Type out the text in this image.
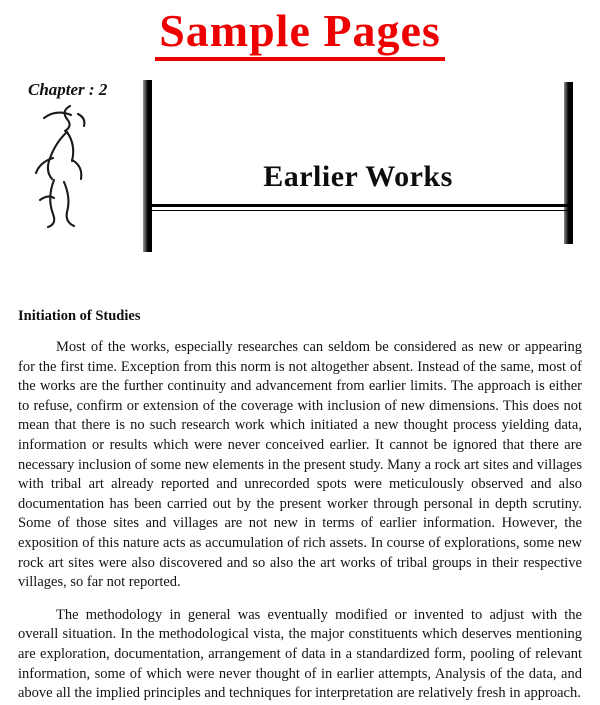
Sample Pages
Chapter : 2
Earlier Works
Initiation of Studies

Most of the works, especially researches can seldom be considered as new or appearing for the first time. Exception from this norm is not altogether absent. Instead of the same, most of the works are the further continuity and advancement from earlier limits. The approach is either to refuse, confirm or extension of the coverage with inclusion of new dimensions. This does not mean that there is no such research work which initiated a new thought process yielding data, information or results which were never conceived earlier. It cannot be ignored that there are necessary inclusion of some new elements in the present study. Many a rock art sites and villages with tribal art already reported and unrecorded spots were meticulously observed and also documentation has been carried out by the present worker through personal in depth scrutiny. Some of those sites and villages are not new in terms of earlier information. However, the exposition of this nature acts as accumulation of rich assets. In course of explorations, some new rock art sites were also discovered and so also the art works of tribal groups in their respective villages, so far not reported.

The methodology in general was eventually modified or invented to adjust with the overall situation. In the methodological vista, the major constituents which deserves mentioning are exploration, documentation, arrangement of data in a standardized form, pooling of relevant information, some of which were never thought of in earlier attempts, Analysis of the data, and above all the implied principles and techniques for interpretation are relatively fresh in approach.
